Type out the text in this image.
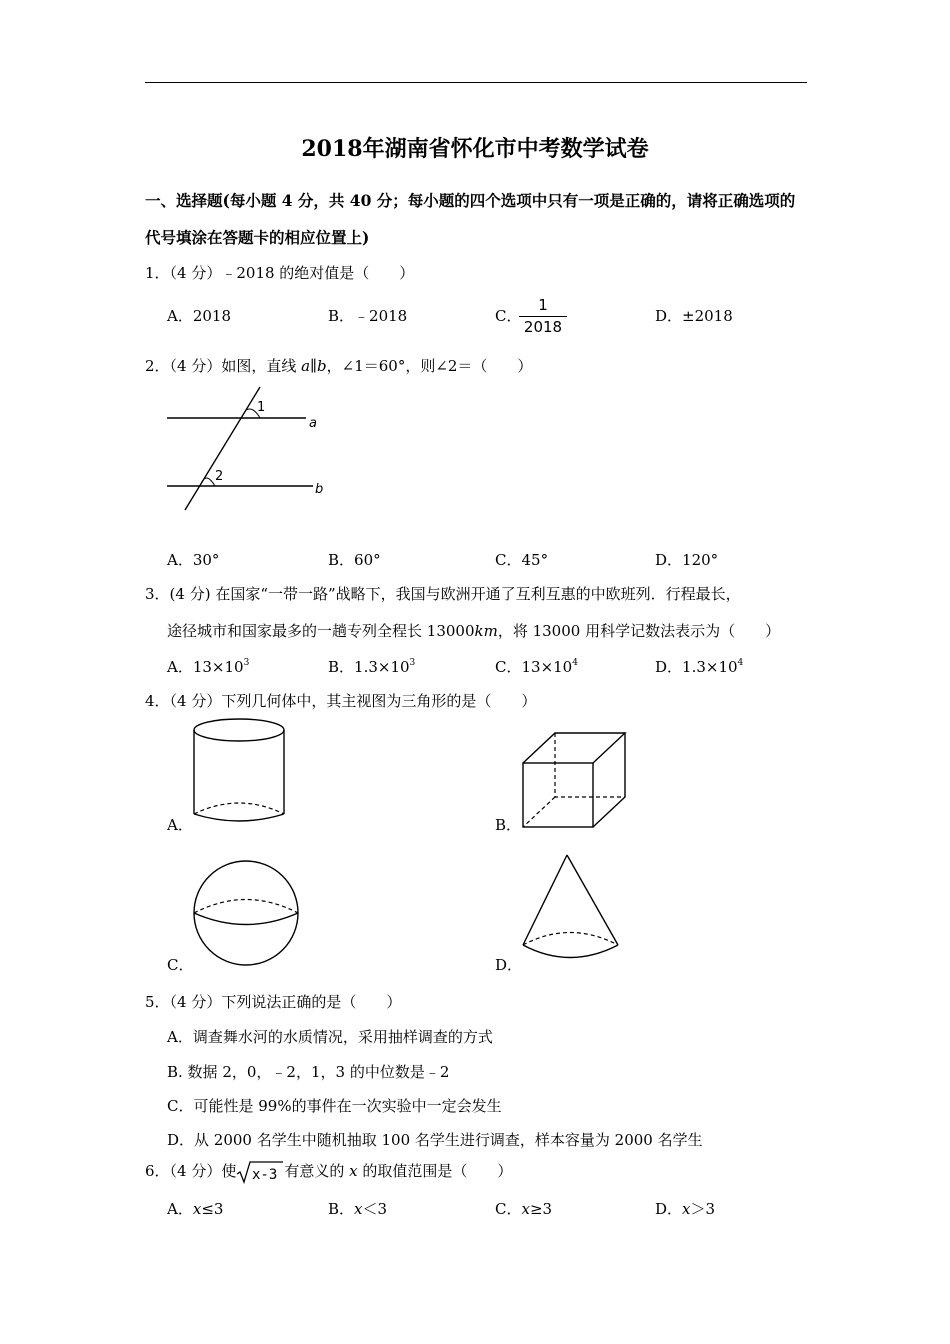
2018年湖南省怀化市中考数学试卷
一、选择题(每小题 4 分，共 40 分；每小题的四个选项中只有一项是正确的，请将正确选项的
代号填涂在答题卡的相应位置上)
1．（4 分）﹣2018 的绝对值是（　　）
A．2018	B．﹣2018	C．
1
2018
D．±2018
2．（4 分）如图，直线 a∥b，∠1＝60°，则∠2＝（　　）
1
2
a
b
A．30°	B．60°	C．45°	D．120°
3．(4 分) 在国家“一带一路”战略下，我国与欧洲开通了互利互惠的中欧班列．行程最长，
途径城市和国家最多的一趟专列全程长 13000km，将 13000 用科学记数法表示为（　　）
A．$13\times 10^3$	B．$1.3\times 10^3$	C．$13\times 10^4$	D．$1.3\times 10^4$
4．（4 分）下列几何体中，其主视图为三角形的是（　　）
A．	B．
C．	D．
5．（4 分）下列说法正确的是（　　）
A．调查舞水河的水质情况，采用抽样调查的方式
B. 数据 2，0，﹣2，1，3 的中位数是﹣2
C．可能性是 99%的事件在一次实验中一定会发生
D．从 2000 名学生中随机抽取 100 名学生进行调查，样本容量为 2000 名学生
6．（4 分）使 x-3 有意义的 x 的取值范围是（　　）
A．x≤3	B．x＜3	C．x≥3	D．x＞3
